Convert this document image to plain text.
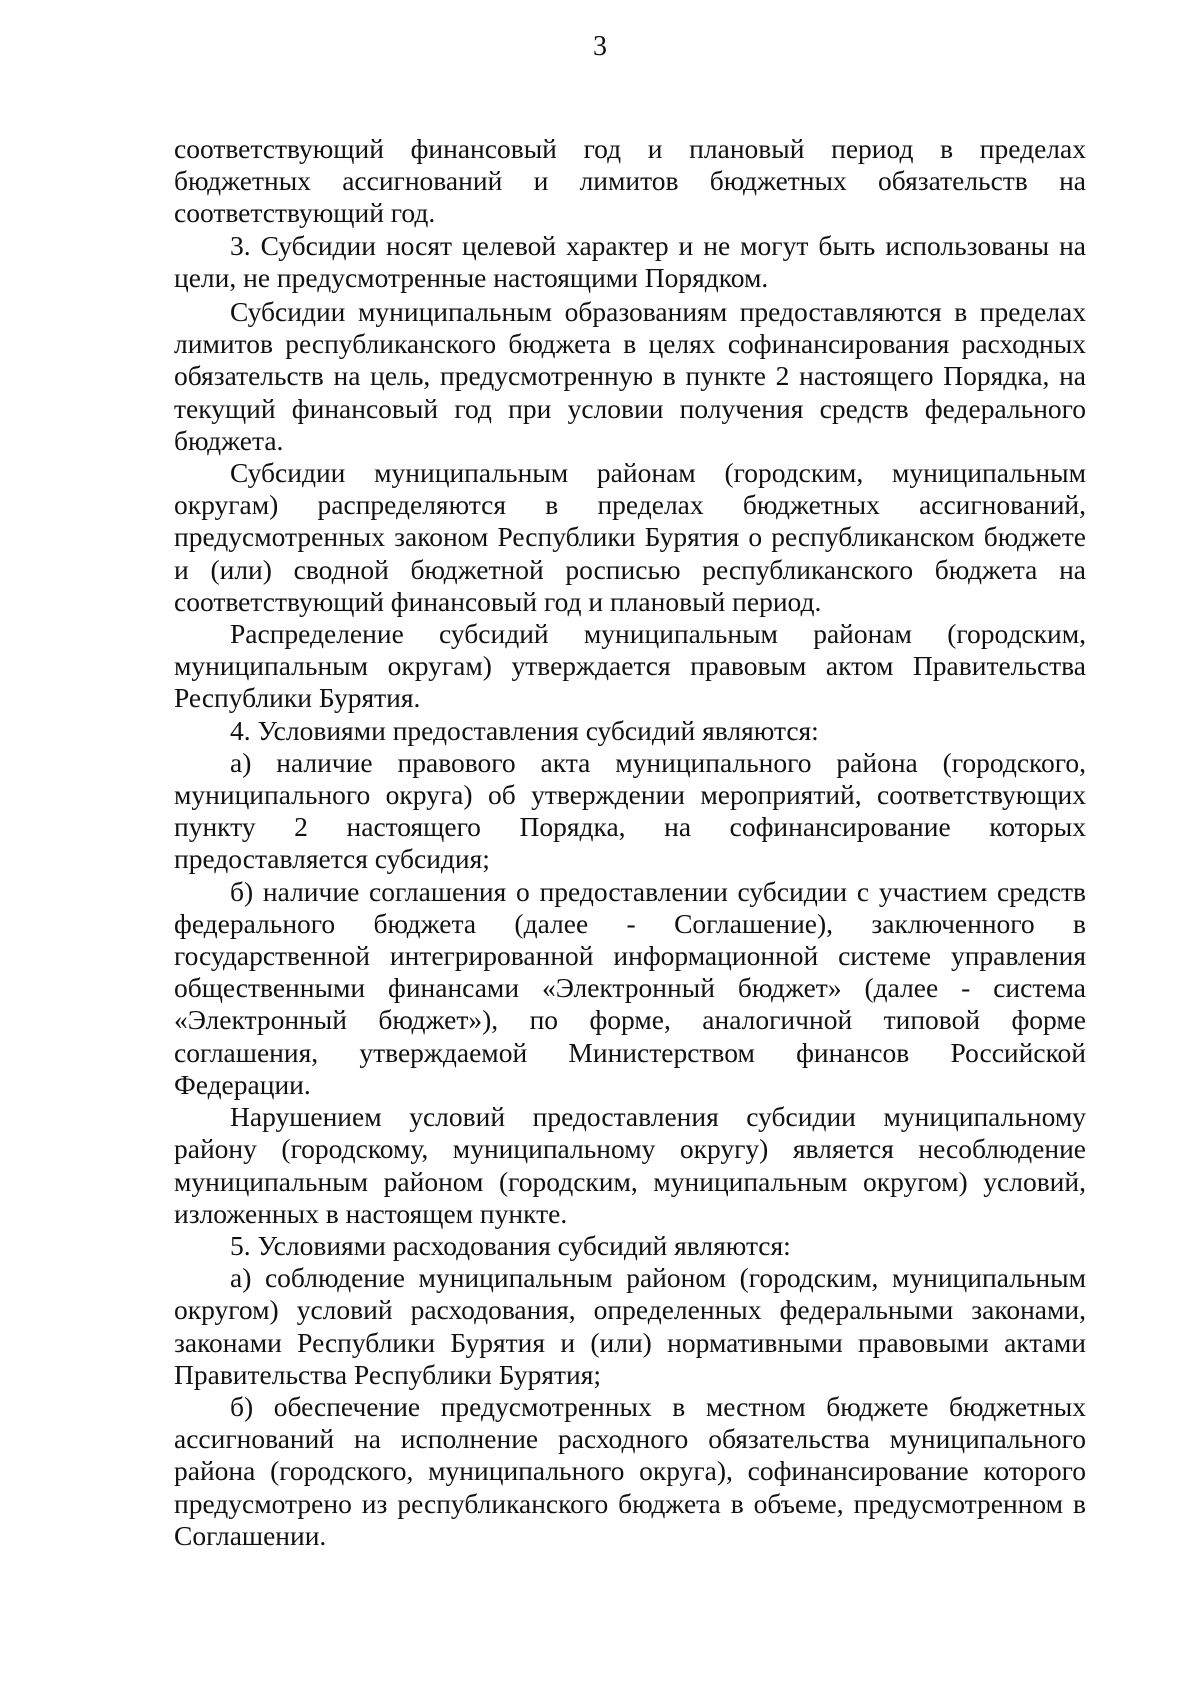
3

соответствующий финансовый год и плановый период в пределах бюджетных ассигнований и лимитов бюджетных обязательств на соответствующий год.

3. Субсидии носят целевой характер и не могут быть использованы на цели, не предусмотренные настоящими Порядком.

Субсидии муниципальным образованиям предоставляются в пределах лимитов республиканского бюджета в целях софинансирования расходных обязательств на цель, предусмотренную в пункте 2 настоящего Порядка, на текущий финансовый год при условии получения средств федерального бюджета.

Субсидии муниципальным районам (городским, муниципальным округам) распределяются в пределах бюджетных ассигнований, предусмотренных законом Республики Бурятия о республиканском бюджете и (или) сводной бюджетной росписью республиканского бюджета на соответствующий финансовый год и плановый период.

Распределение субсидий муниципальным районам (городским, муниципальным округам) утверждается правовым актом Правительства Республики Бурятия.

4. Условиями предоставления субсидий являются:

а) наличие правового акта муниципального района (городского, муниципального округа) об утверждении мероприятий, соответствующих пункту 2 настоящего Порядка, на софинансирование которых предоставляется субсидия;

б) наличие соглашения о предоставлении субсидии с участием средств федерального бюджета (далее - Соглашение), заключенного в государственной интегрированной информационной системе управления общественными финансами «Электронный бюджет» (далее - система «Электронный бюджет»), по форме, аналогичной типовой форме соглашения, утверждаемой Министерством финансов Российской Федерации.

Нарушением условий предоставления субсидии муниципальному району (городскому, муниципальному округу) является несоблюдение муниципальным районом (городским, муниципальным округом) условий, изложенных в настоящем пункте.

5. Условиями расходования субсидий являются:

а) соблюдение муниципальным районом (городским, муниципальным округом) условий расходования, определенных федеральными законами, законами Республики Бурятия и (или) нормативными правовыми актами Правительства Республики Бурятия;

б) обеспечение предусмотренных в местном бюджете бюджетных ассигнований на исполнение расходного обязательства муниципального района (городского, муниципального округа), софинансирование которого предусмотрено из республиканского бюджета в объеме, предусмотренном в Соглашении.
